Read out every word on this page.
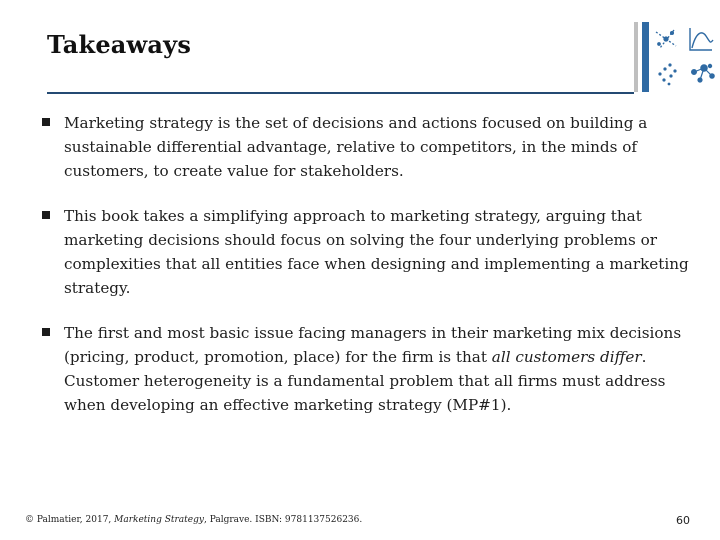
Takeaways
Marketing strategy is the set of decisions and actions focused on building a sustainable differential advantage, relative to competitors, in the minds of customers, to create value for stakeholders.
This book takes a simplifying approach to marketing strategy, arguing that marketing decisions should focus on solving the four underlying problems or complexities that all entities face when designing and implementing a marketing strategy.
The first and most basic issue facing managers in their marketing mix decisions (pricing, product, promotion, place) for the firm is that all customers differ. Customer heterogeneity is a fundamental problem that all firms must address when developing an effective marketing strategy (MP#1).
© Palmatier, 2017, Marketing Strategy, Palgrave. ISBN: 9781137526236.	60
